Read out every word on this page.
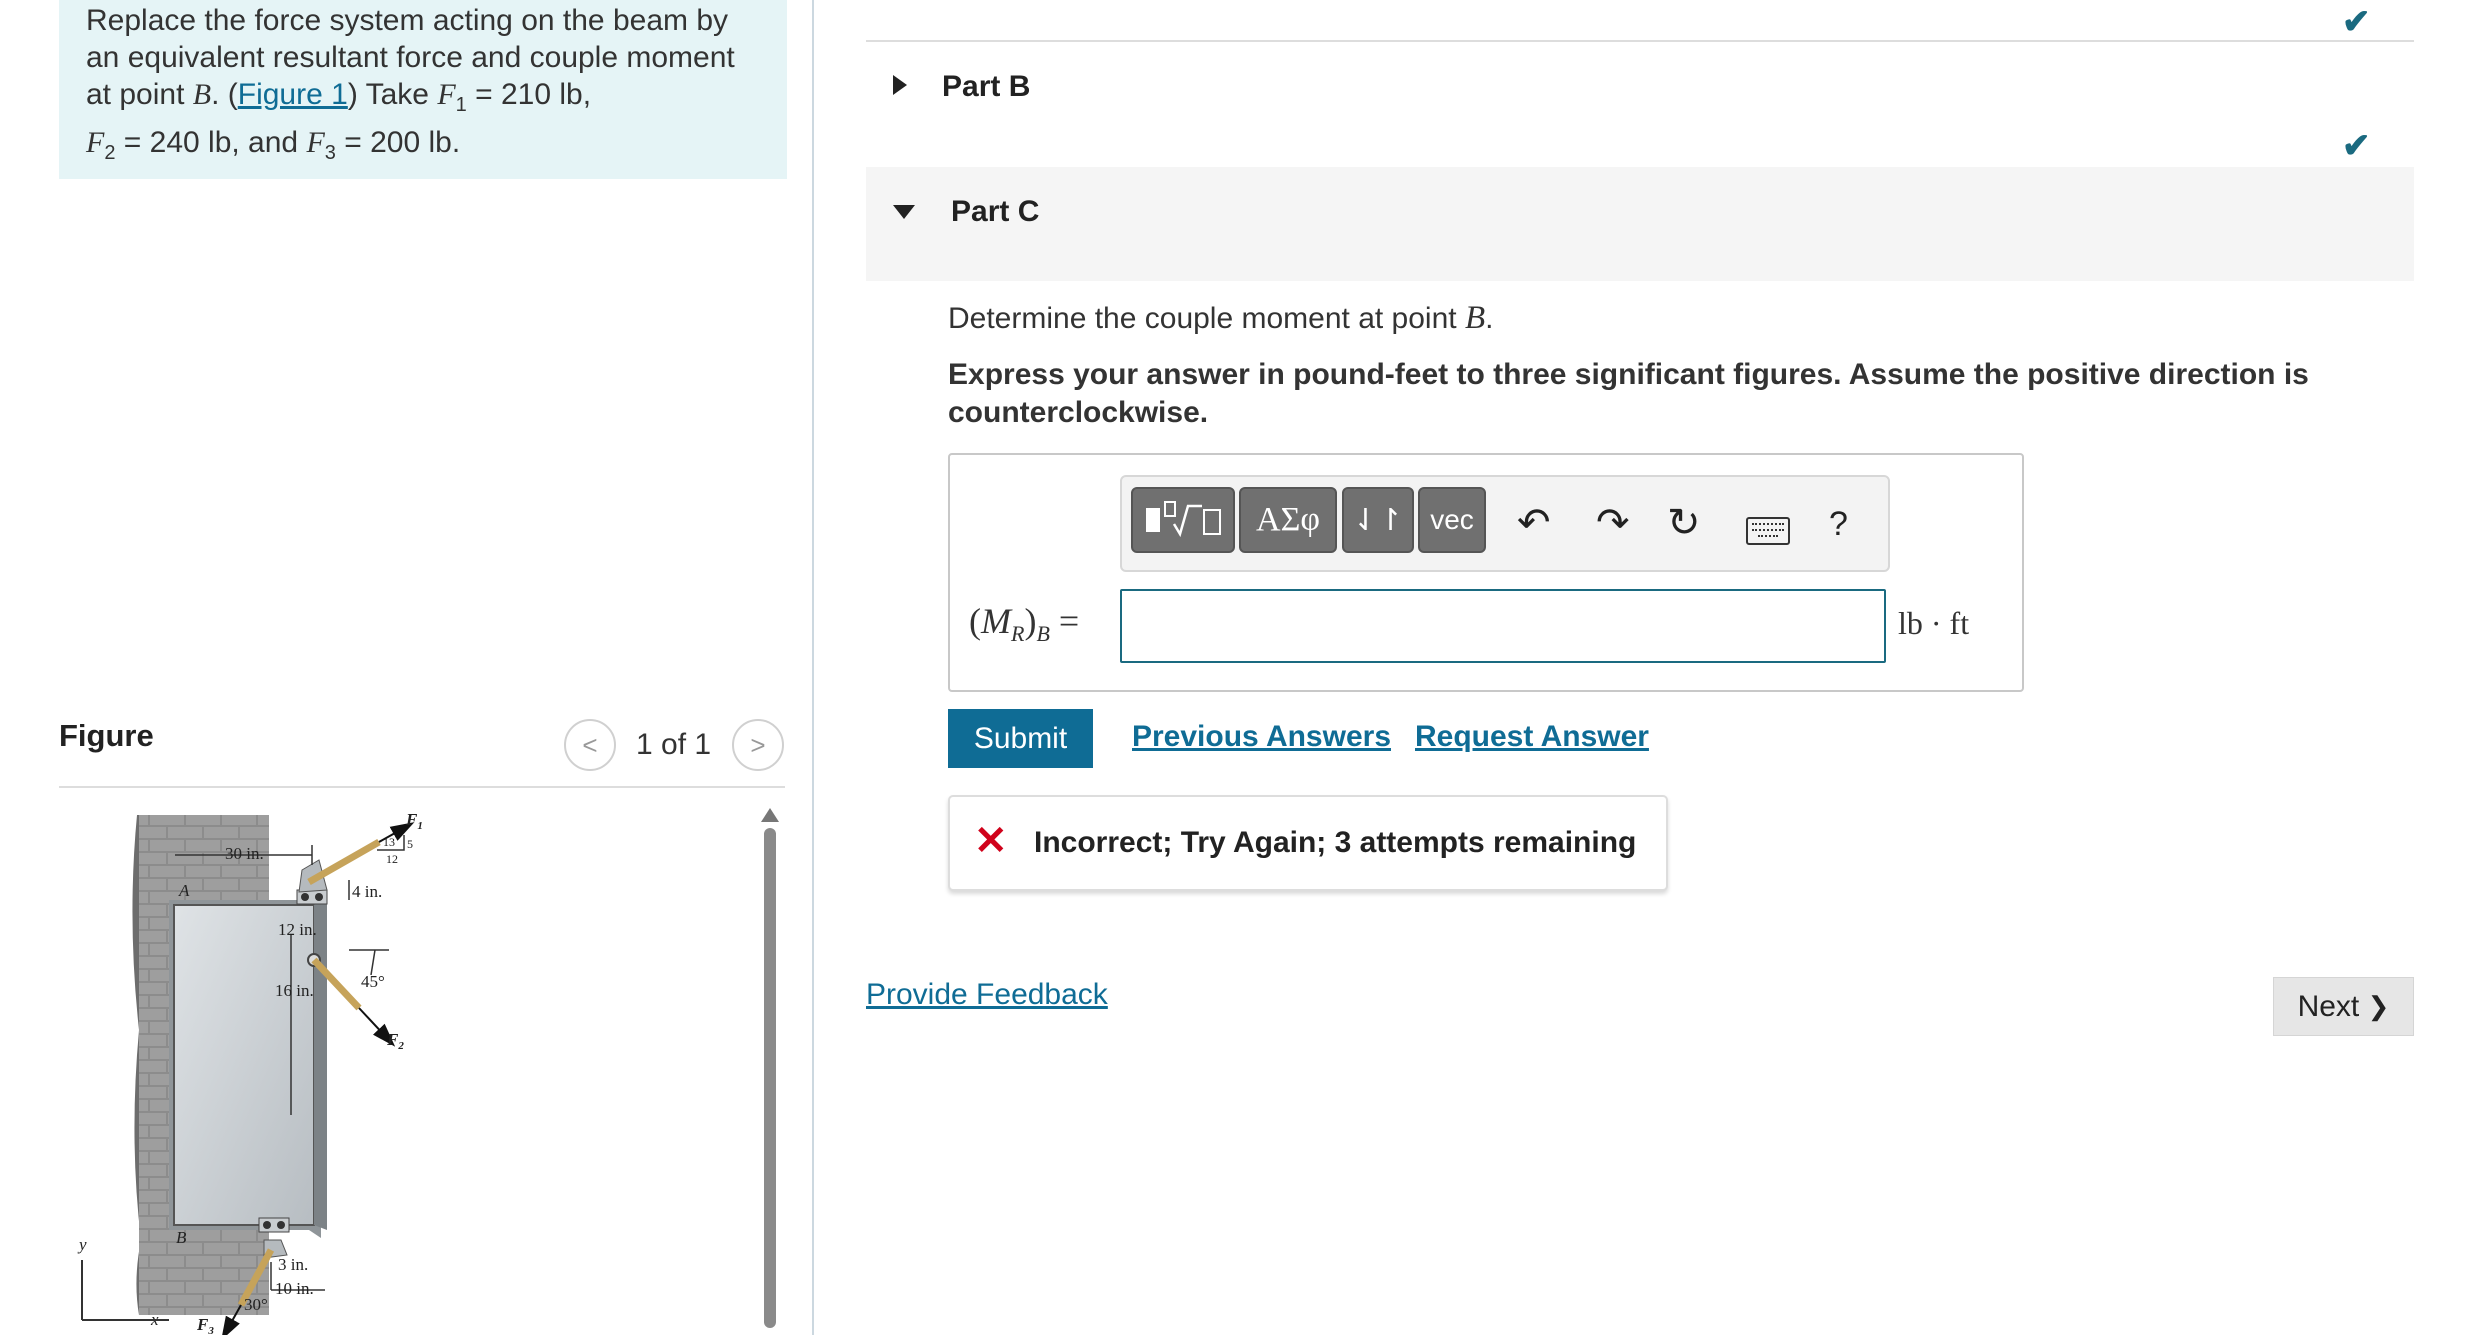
Replace the force system acting on the beam by an equivalent resultant force and couple moment at point B. (Figure 1) Take $F_1 = 210$ lb,
$F_2 = 240$ lb, and $F_3 = 200$ lb.
Figure	< 1 of 1 >
30 in.
A
B
4 in.
12 in.
16 in.
3 in.
10 in.
45°
30°
13
12
5
$F_1$
$F_2$
$F_3$
y
x
✔
Part B
✔
Part C
Determine the couple moment at point B.
Express your answer in pound-feet to three significant figures. Assume the positive direction is counterclockwise.
ΑΣφ	⇃↾ vec	↶ ↷ ↻	?
$(M_R)_B$ =	lb · ft
Submit	Previous Answers Request Answer
✕ Incorrect; Try Again; 3 attempts remaining
Provide Feedback	Next
❯
